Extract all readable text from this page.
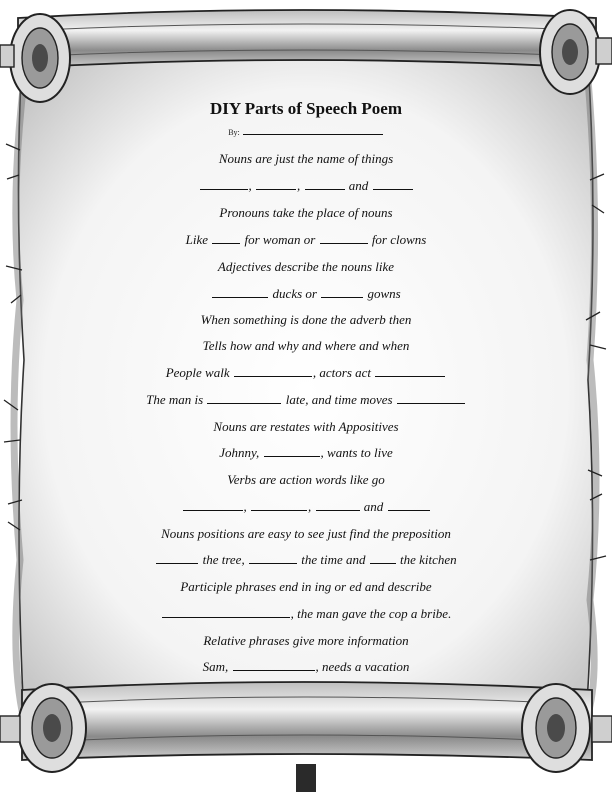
DIY Parts of Speech Poem
By:
Nouns are just the name of things
,	,	and
Pronouns take the place of nouns
Like  for woman or	for clowns
Adjectives describe the nouns like
ducks or	gowns
When something is done the adverb then
Tells how and why and where and when
People walk	, actors act
The man is	late, and time moves
Nouns are restates with Appositives
Johnny,	, wants to live
Verbs are action words like go
,	,	and
Nouns positions are easy to see just find the preposition
the tree,	the time and  the kitchen
Participle phrases end in ing or ed and describe
, the man gave the cop a bribe.
Relative phrases give more information
Sam,	, needs a vacation
